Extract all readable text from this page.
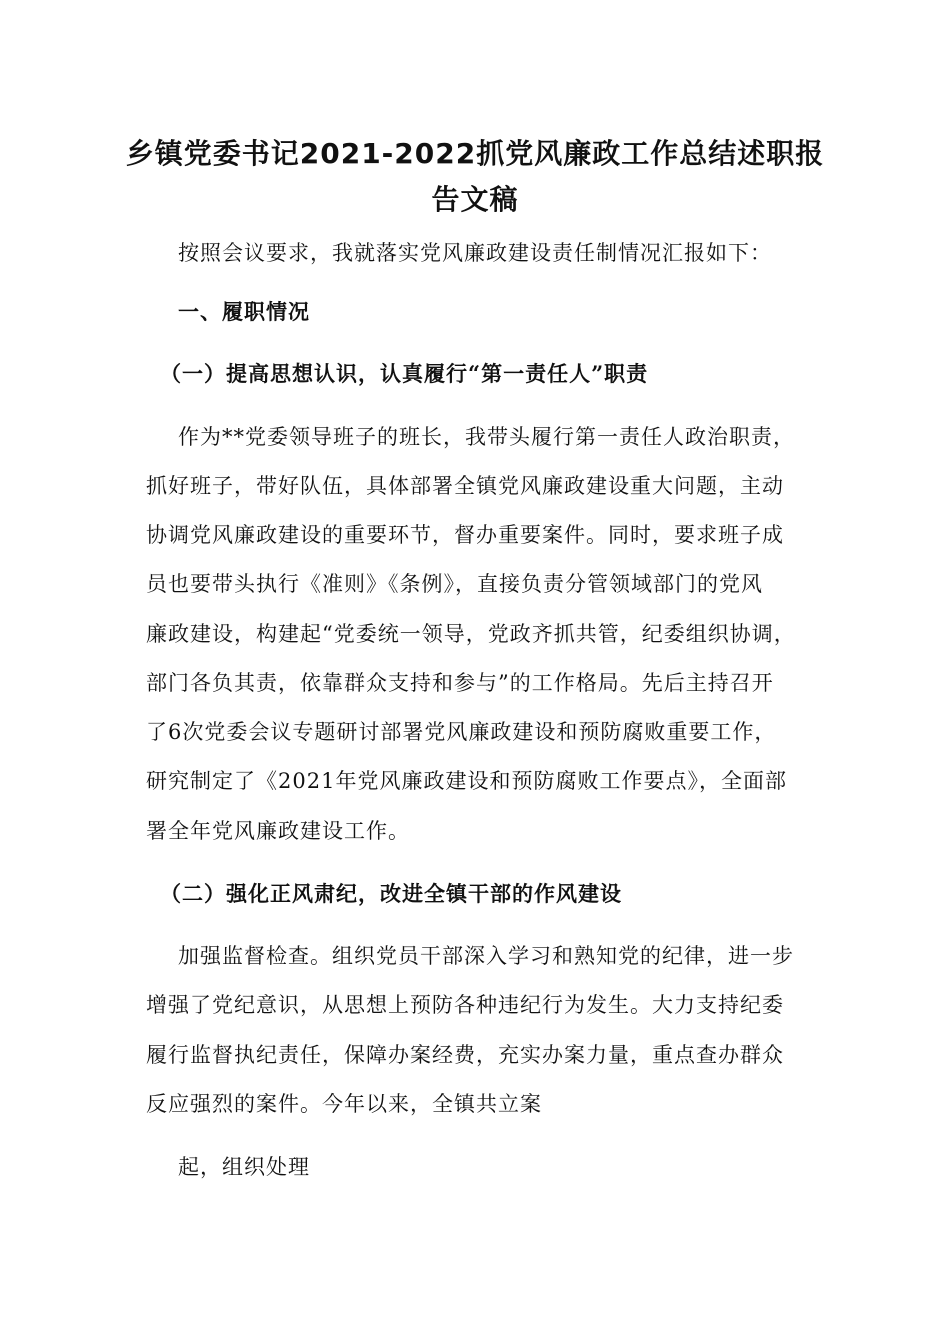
乡镇党委书记2021-2022抓党风廉政工作总结述职报
告文稿
按照会议要求，我就落实党风廉政建设责任制情况汇报如下：
一、履职情况
（一）提高思想认识，认真履行“第一责任人”职责
作为**党委领导班子的班长，我带头履行第一责任人政治职责，
抓好班子，带好队伍，具体部署全镇党风廉政建设重大问题，主动
协调党风廉政建设的重要环节，督办重要案件。同时，要求班子成
员也要带头执行《准则》《条例》，直接负责分管领域部门的党风
廉政建设，构建起“党委统一领导，党政齐抓共管，纪委组织协调，
部门各负其责，依靠群众支持和参与”的工作格局。先后主持召开
了6次党委会议专题研讨部署党风廉政建设和预防腐败重要工作，
研究制定了《2021年党风廉政建设和预防腐败工作要点》，全面部
署全年党风廉政建设工作。
（二）强化正风肃纪，改进全镇干部的作风建设
加强监督检查。组织党员干部深入学习和熟知党的纪律，进一步
增强了党纪意识，从思想上预防各种违纪行为发生。大力支持纪委
履行监督执纪责任，保障办案经费，充实办案力量，重点查办群众
反应强烈的案件。今年以来，全镇共立案
起，组织处理
